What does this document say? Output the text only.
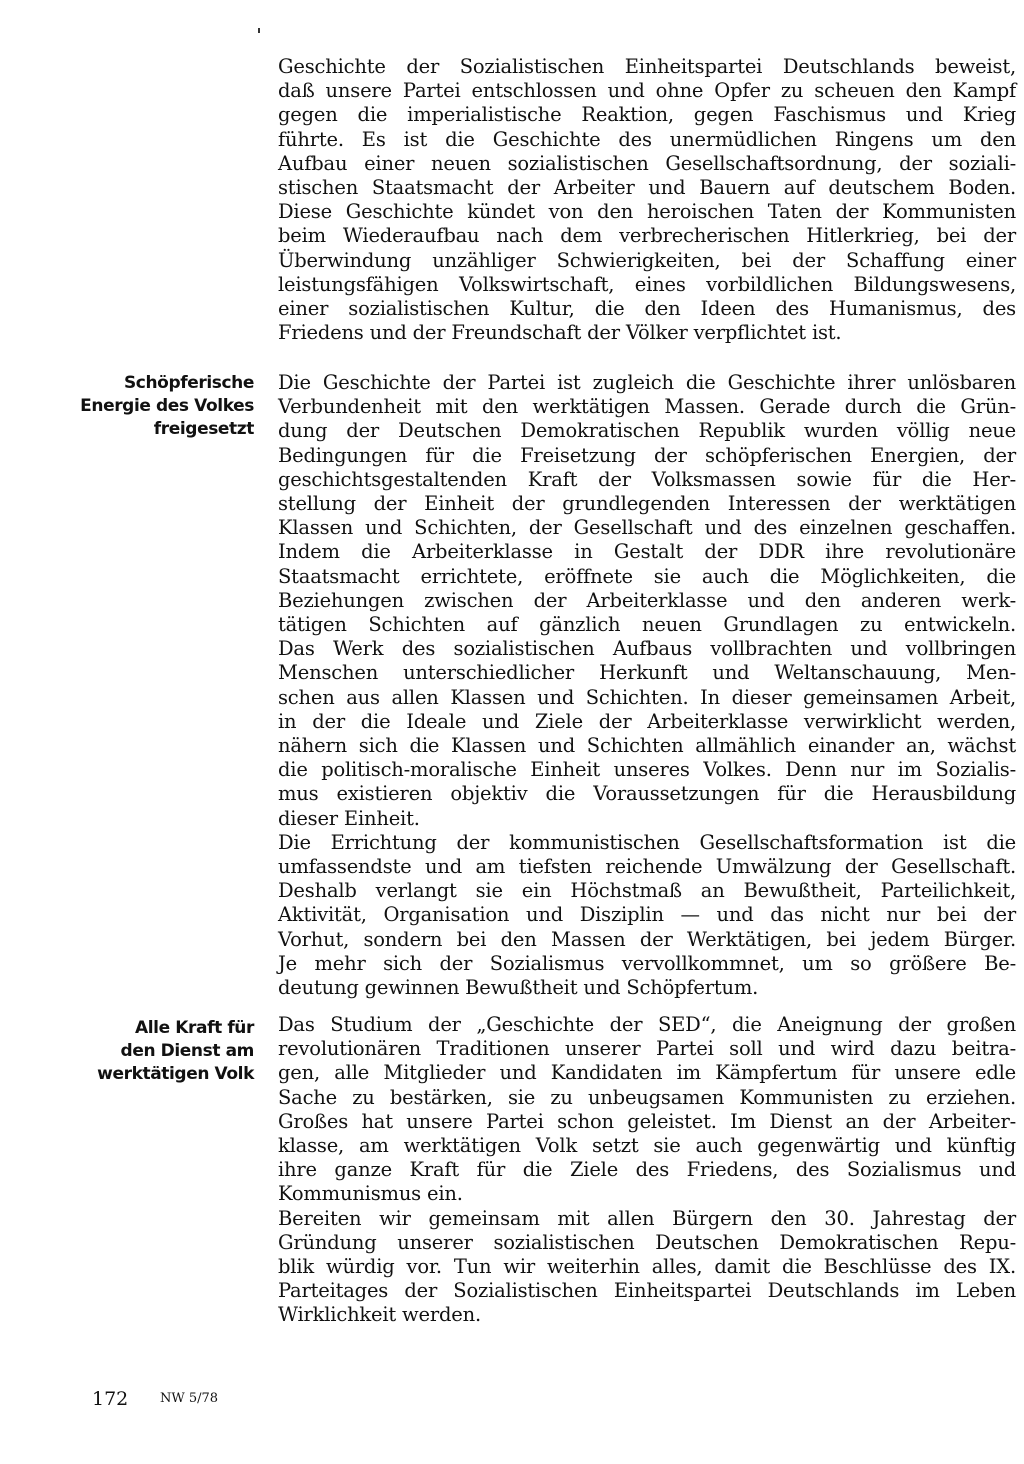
Geschichte der Sozialistischen Einheitspartei Deutschlands beweist,
daß unsere Partei entschlossen und ohne Opfer zu scheuen den Kampf
gegen die imperialistische Reaktion, gegen Faschismus und Krieg
führte. Es ist die Geschichte des unermüdlichen Ringens um den
Aufbau einer neuen sozialistischen Gesellschaftsordnung, der soziali-
stischen Staatsmacht der Arbeiter und Bauern auf deutschem Boden.
Diese Geschichte kündet von den heroischen Taten der Kommunisten
beim Wiederaufbau nach dem verbrecherischen Hitlerkrieg, bei der
Überwindung unzähliger Schwierigkeiten, bei der Schaffung einer
leistungsfähigen Volkswirtschaft, eines vorbildlichen Bildungswesens,
einer sozialistischen Kultur, die den Ideen des Humanismus, des
Friedens und der Freundschaft der Völker verpflichtet ist.
Schöpferische
Energie des Volkes
freigesetzt
Die Geschichte der Partei ist zugleich die Geschichte ihrer unlösbaren
Verbundenheit mit den werktätigen Massen. Gerade durch die Grün-
dung der Deutschen Demokratischen Republik wurden völlig neue
Bedingungen für die Freisetzung der schöpferischen Energien, der
geschichtsgestaltenden Kraft der Volksmassen sowie für die Her-
stellung der Einheit der grundlegenden Interessen der werktätigen
Klassen und Schichten, der Gesellschaft und des einzelnen geschaffen.
Indem die Arbeiterklasse in Gestalt der DDR ihre revolutionäre
Staatsmacht errichtete, eröffnete sie auch die Möglichkeiten, die
Beziehungen zwischen der Arbeiterklasse und den anderen werk-
tätigen Schichten auf gänzlich neuen Grundlagen zu entwickeln.
Das Werk des sozialistischen Aufbaus vollbrachten und vollbringen
Menschen unterschiedlicher Herkunft und Weltanschauung, Men-
schen aus allen Klassen und Schichten. In dieser gemeinsamen Arbeit,
in der die Ideale und Ziele der Arbeiterklasse verwirklicht werden,
nähern sich die Klassen und Schichten allmählich einander an, wächst
die politisch-moralische Einheit unseres Volkes. Denn nur im Sozialis-
mus existieren objektiv die Voraussetzungen für die Herausbildung
dieser Einheit.
Die Errichtung der kommunistischen Gesellschaftsformation ist die
umfassendste und am tiefsten reichende Umwälzung der Gesellschaft.
Deshalb verlangt sie ein Höchstmaß an Bewußtheit, Parteilichkeit,
Aktivität, Organisation und Disziplin — und das nicht nur bei der
Vorhut, sondern bei den Massen der Werktätigen, bei jedem Bürger.
Je mehr sich der Sozialismus vervollkommnet, um so größere Be-
deutung gewinnen Bewußtheit und Schöpfertum.
Alle Kraft für
den Dienst am
werktätigen Volk
Das Studium der „Geschichte der SED“, die Aneignung der großen
revolutionären Traditionen unserer Partei soll und wird dazu beitra-
gen, alle Mitglieder und Kandidaten im Kämpfertum für unsere edle
Sache zu bestärken, sie zu unbeugsamen Kommunisten zu erziehen.
Großes hat unsere Partei schon geleistet. Im Dienst an der Arbeiter-
klasse, am werktätigen Volk setzt sie auch gegenwärtig und künftig
ihre ganze Kraft für die Ziele des Friedens, des Sozialismus und
Kommunismus ein.
Bereiten wir gemeinsam mit allen Bürgern den 30. Jahrestag der
Gründung unserer sozialistischen Deutschen Demokratischen Repu-
blik würdig vor. Tun wir weiterhin alles, damit die Beschlüsse des IX.
Parteitages der Sozialistischen Einheitspartei Deutschlands im Leben
Wirklichkeit werden.
172 NW 5/78
